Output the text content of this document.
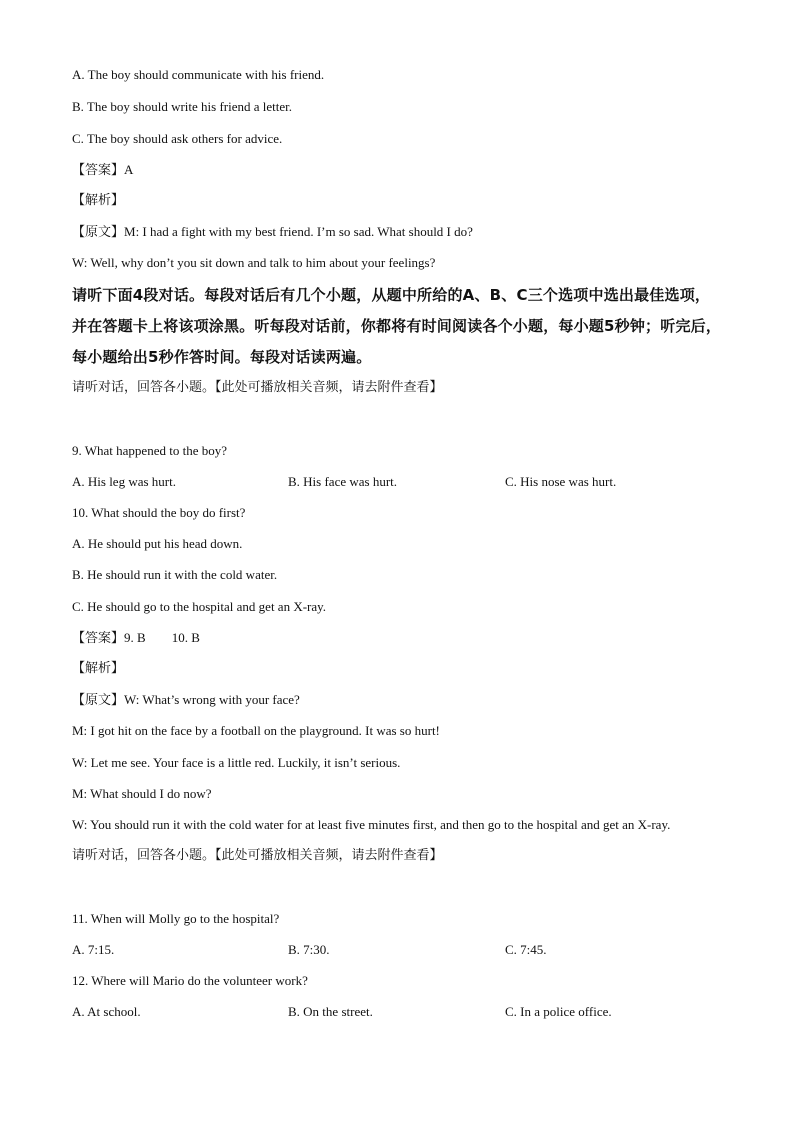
A. The boy should communicate with his friend.
B. The boy should write his friend a letter.
C. The boy should ask others for advice.
【答案】A
【解析】
【原文】M: I had a fight with my best friend. I’m so sad. What should I do?
W: Well, why don’t you sit down and talk to him about your feelings?
请听下面4段对话。每段对话后有几个小题，从题中所给的A、B、C三个选项中选出最佳选项，并在答题卡上将该项涂黑。听每段对话前，你都将有时间阅读各个小题，每小题5秒钟；听完后，每小题给出5秒作答时间。每段对话读两遍。
请听对话，回答各小题。【此处可播放相关音频，请去附件查看】
9. What happened to the boy?
A. His leg was hurt.	B. His face was hurt.	C. His nose was hurt.
10. What should the boy do first?
A. He should put his head down.
B. He should run it with the cold water.
C. He should go to the hospital and get an X-ray.
【答案】9. B 10. B
【解析】
【原文】W: What’s wrong with your face?
M: I got hit on the face by a football on the playground. It was so hurt!
W: Let me see. Your face is a little red. Luckily, it isn’t serious.
M: What should I do now?
W: You should run it with the cold water for at least five minutes first, and then go to the hospital and get an X-ray.
请听对话，回答各小题。【此处可播放相关音频，请去附件查看】
11. When will Molly go to the hospital?
A. 7:15.	B. 7:30.	C. 7:45.
12. Where will Mario do the volunteer work?
A. At school.	B. On the street.	C. In a police office.
